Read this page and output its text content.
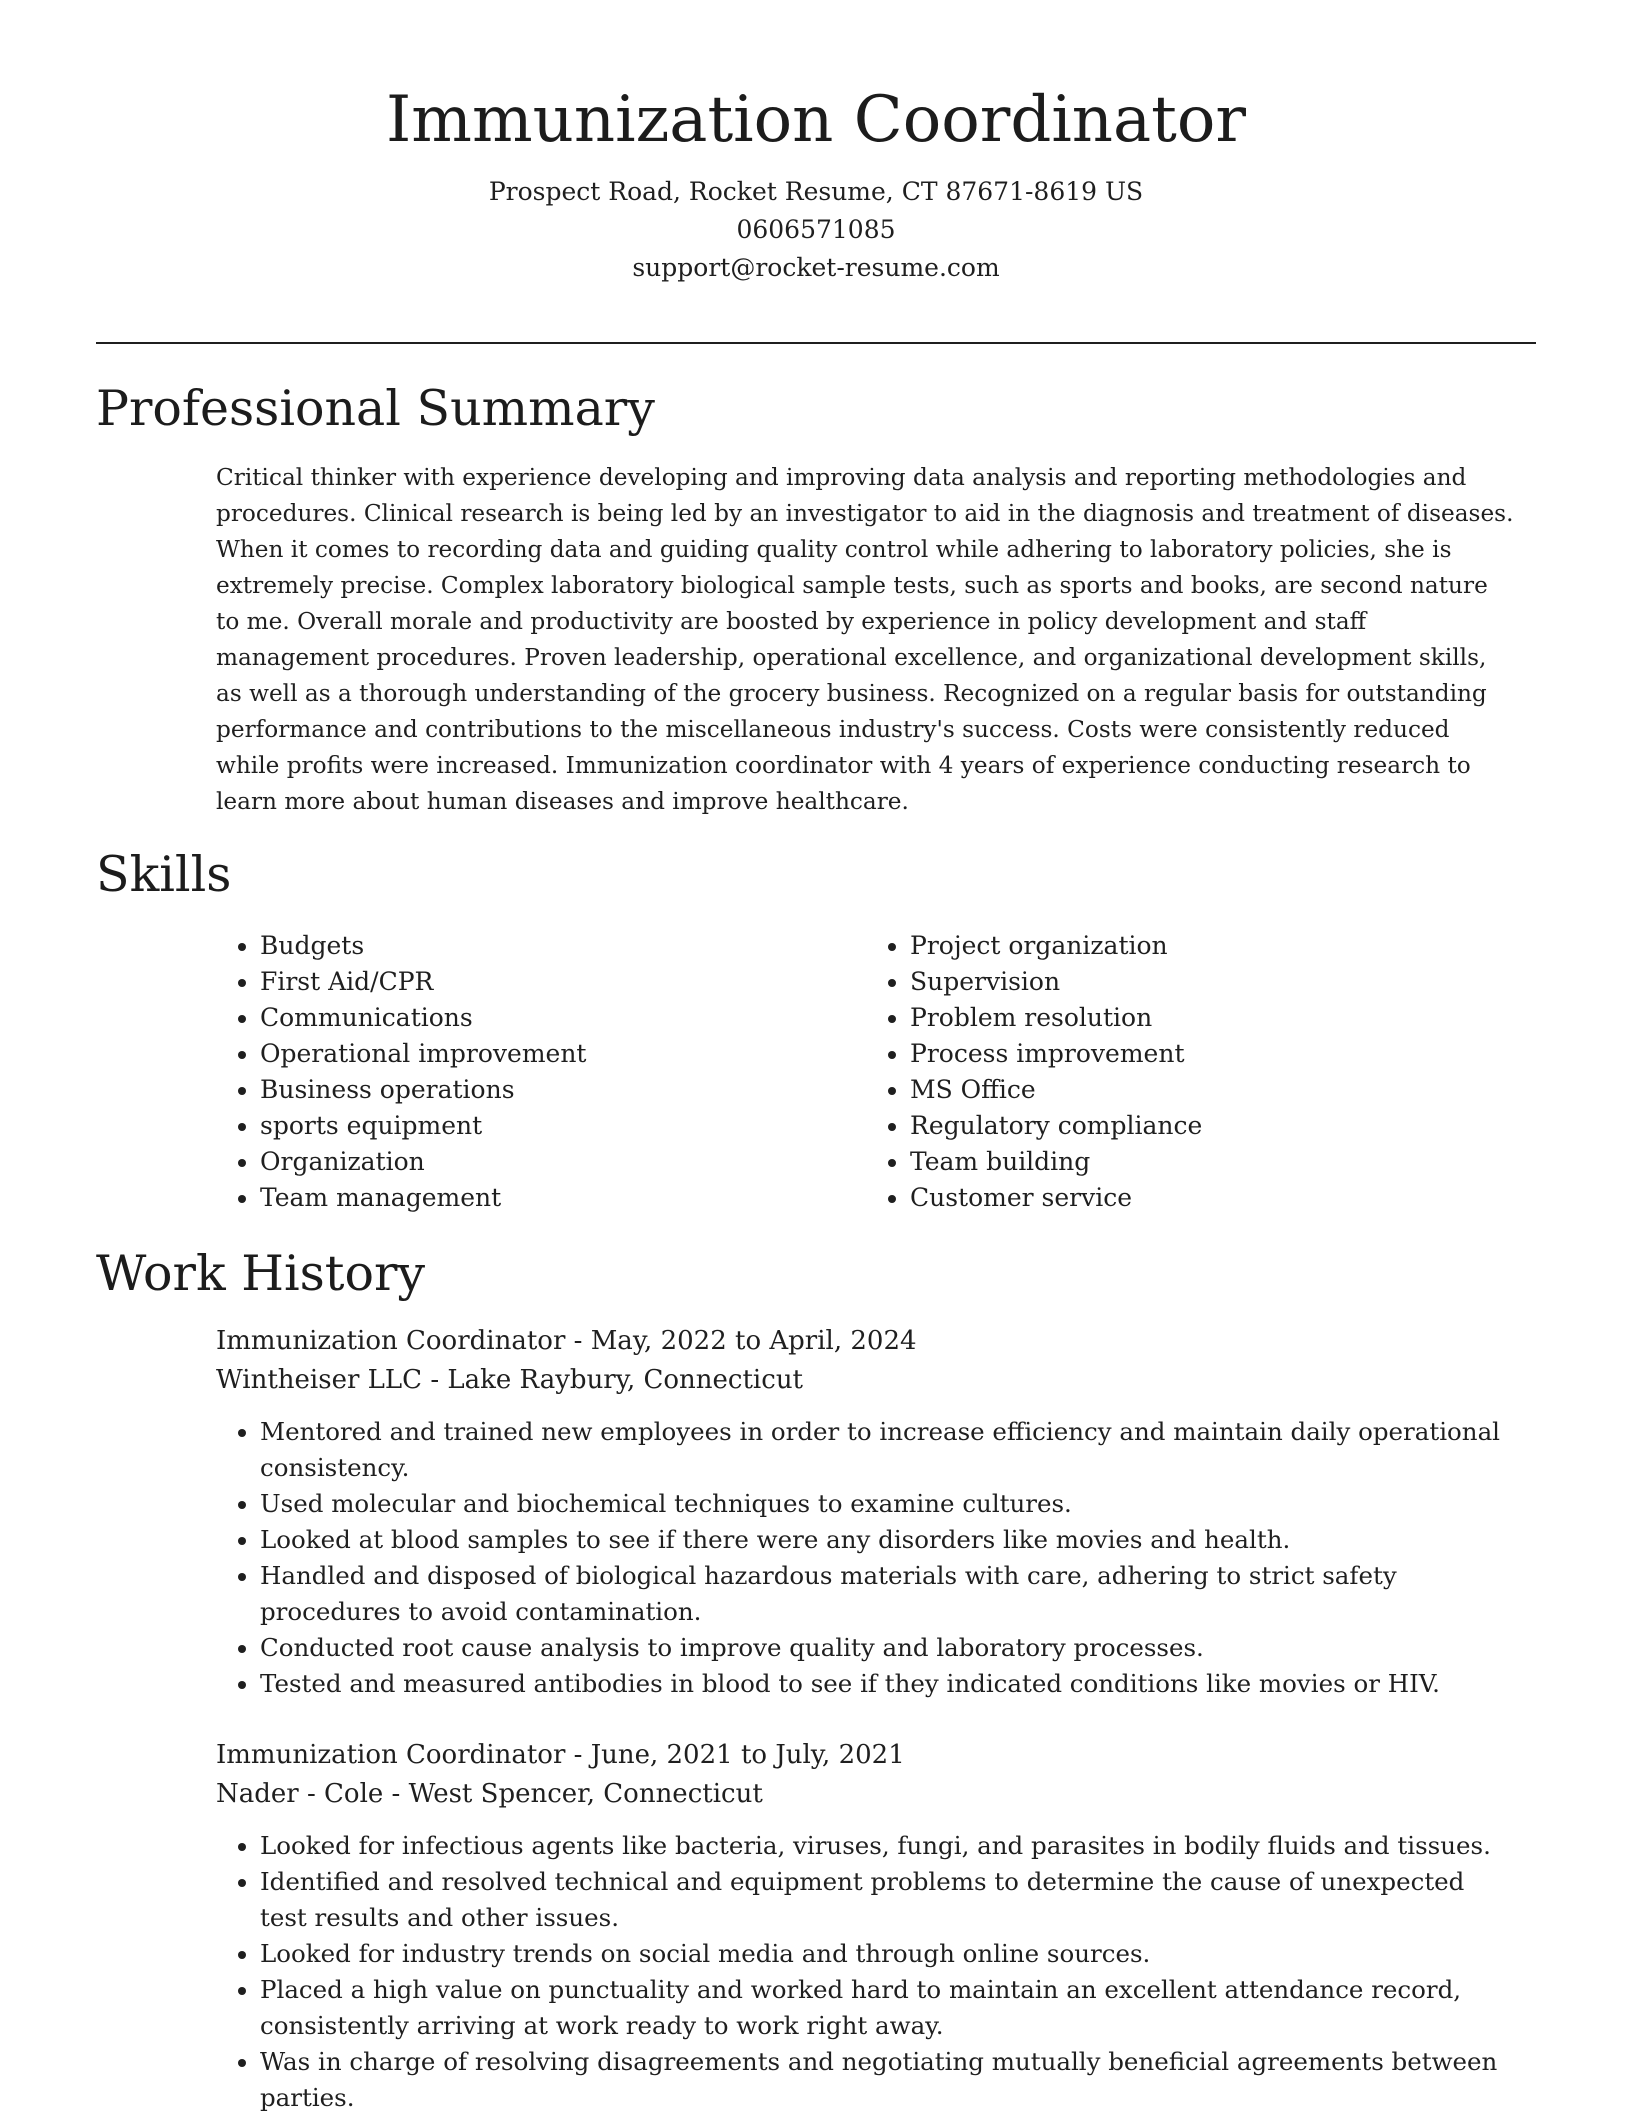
Immunization Coordinator

Prospect Road, Rocket Resume, CT 87671-8619 US

0606571085

support@rocket-resume.com

Professional Summary

Critical thinker with experience developing and improving data analysis and reporting methodologies and procedures. Clinical research is being led by an investigator to aid in the diagnosis and treatment of diseases. When it comes to recording data and guiding quality control while adhering to laboratory policies, she is extremely precise. Complex laboratory biological sample tests, such as sports and books, are second nature to me. Overall morale and productivity are boosted by experience in policy development and staff management procedures. Proven leadership, operational excellence, and organizational development skills, as well as a thorough understanding of the grocery business. Recognized on a regular basis for outstanding performance and contributions to the miscellaneous industry's success. Costs were consistently reduced while profits were increased. Immunization coordinator with 4 years of experience conducting research to learn more about human diseases and improve healthcare.

Skills
• Budgets
• First Aid/CPR
• Communications
• Operational improvement
• Business operations
• sports equipment
• Organization
• Team management
• Project organization
• Supervision
• Problem resolution
• Process improvement
• MS Office
• Regulatory compliance
• Team building
• Customer service
Work History

Immunization Coordinator - May, 2022 to April, 2024

Wintheiser LLC - Lake Raybury, Connecticut

• Mentored and trained new employees in order to increase efficiency and maintain daily operational consistency.
• Used molecular and biochemical techniques to examine cultures.
• Looked at blood samples to see if there were any disorders like movies and health.
• Handled and disposed of biological hazardous materials with care, adhering to strict safety procedures to avoid contamination.
• Conducted root cause analysis to improve quality and laboratory processes.
• Tested and measured antibodies in blood to see if they indicated conditions like movies or HIV.

Immunization Coordinator - June, 2021 to July, 2021

Nader - Cole - West Spencer, Connecticut

• Looked for infectious agents like bacteria, viruses, fungi, and parasites in bodily fluids and tissues.
• Identified and resolved technical and equipment problems to determine the cause of unexpected test results and other issues.
• Looked for industry trends on social media and through online sources.
• Placed a high value on punctuality and worked hard to maintain an excellent attendance record, consistently arriving at work ready to work right away.
• Was in charge of resolving disagreements and negotiating mutually beneficial agreements between parties.
